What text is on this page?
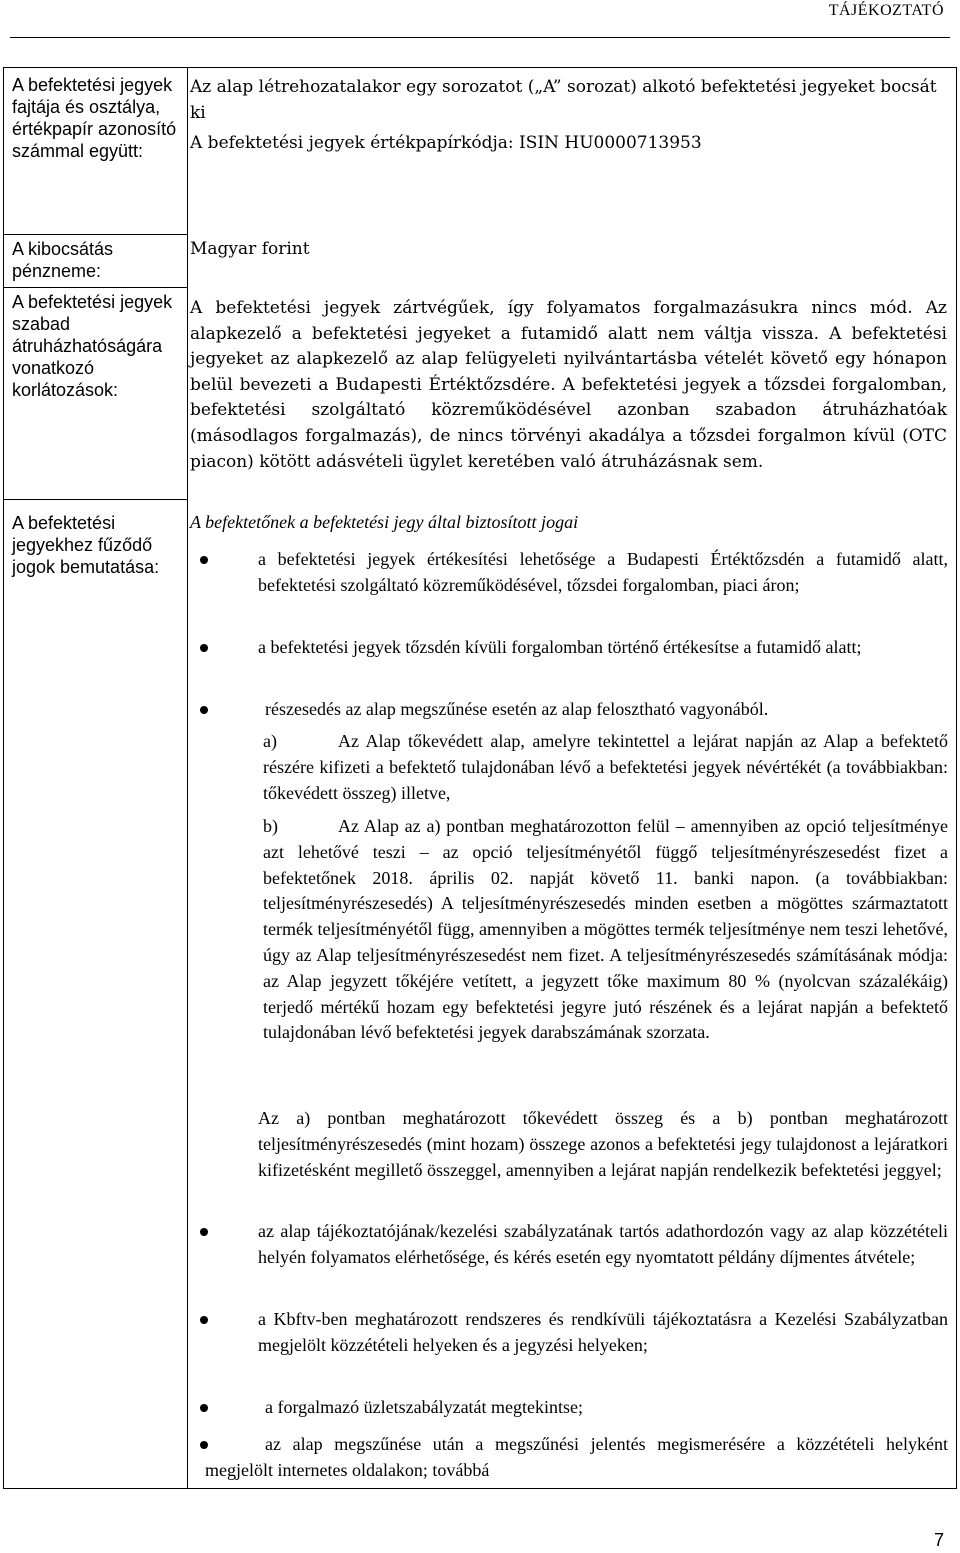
TÁJÉKOZTATÓ
A befektetési jegyek fajtája és osztálya, értékpapír azonosító számmal együtt:
A kibocsátás pénzneme:
A befektetési jegyek szabad átruházhatóságára vonatkozó korlátozások:
A befektetési jegyekhez fűződő jogok bemutatása:
Az alap létrehozatalakor egy sorozatot („A” sorozat) alkotó befektetési jegyeket bocsát ki
A befektetési jegyek értékpapírkódja: ISIN HU0000713953
Magyar forint
A befektetési jegyek zártvégűek, így folyamatos forgalmazásukra nincs mód. Az alapkezelő a befektetési jegyeket a futamidő alatt nem váltja vissza. A befektetési jegyeket az alapkezelő az alap felügyeleti nyilvántartásba vételét követő egy hónapon belül bevezeti a Budapesti Értéktőzsdére. A befektetési jegyek a tőzsdei forgalomban, befektetési szolgáltató közreműködésével azonban szabadon átruházhatóak (másodlagos forgalmazás), de nincs törvényi akadálya a tőzsdei forgalmon kívül (OTC piacon) kötött adásvételi ügylet keretében való átruházásnak sem.
A befektetőnek a befektetési jegy által biztosított jogai
a befektetési jegyek értékesítési lehetősége a Budapesti Értéktőzsdén a futamidő alatt, befektetési szolgáltató közreműködésével, tőzsdei forgalomban, piaci áron;
a befektetési jegyek tőzsdén kívüli forgalomban történő értékesítse a futamidő alatt;
részesedés az alap megszűnése esetén az alap felosztható vagyonából.
a)	Az Alap tőkevédett alap, amelyre tekintettel a lejárat napján az Alap a befektető részére kifizeti a befektető tulajdonában lévő a befektetési jegyek névértékét (a továbbiakban: tőkevédett összeg) illetve,
b)	Az Alap az a) pontban meghatározotton felül – amennyiben az opció teljesítménye azt lehetővé teszi – az opció teljesítményétől függő teljesítményrészesedést fizet a befektetőnek 2018. április 02. napját követő 11. banki napon. (a továbbiakban: teljesítményrészesedés) A teljesítményrészesedés minden esetben a mögöttes származtatott termék teljesítményétől függ, amennyiben a mögöttes termék teljesítménye nem teszi lehetővé, úgy az Alap teljesítményrészesedést nem fizet. A teljesítményrészesedés számításának módja: az Alap jegyzett tőkéjére vetített, a jegyzett tőke maximum 80 % (nyolcvan százalékáig) terjedő mértékű hozam egy befektetési jegyre jutó részének és a lejárat napján a befektető tulajdonában lévő befektetési jegyek darabszámának szorzata.
Az a) pontban meghatározott tőkevédett összeg és a b) pontban meghatározott teljesítményrészesedés (mint hozam) összege azonos a befektetési jegy tulajdonost a lejáratkori kifizetésként megillető összeggel, amennyiben a lejárat napján rendelkezik befektetési jeggyel;
az alap tájékoztatójának/kezelési szabályzatának tartós adathordozón vagy az alap közzétételi helyén folyamatos elérhetősége, és kérés esetén egy nyomtatott példány díjmentes átvétele;
a Kbftv-ben meghatározott rendszeres és rendkívüli tájékoztatásra a Kezelési Szabályzatban megjelölt közzétételi helyeken és a jegyzési helyeken;
a forgalmazó üzletszabályzatát megtekintse;
az alap megszűnése után a megszűnési jelentés megismerésére a közzétételi helyként megjelölt internetes oldalakon; továbbá
7
